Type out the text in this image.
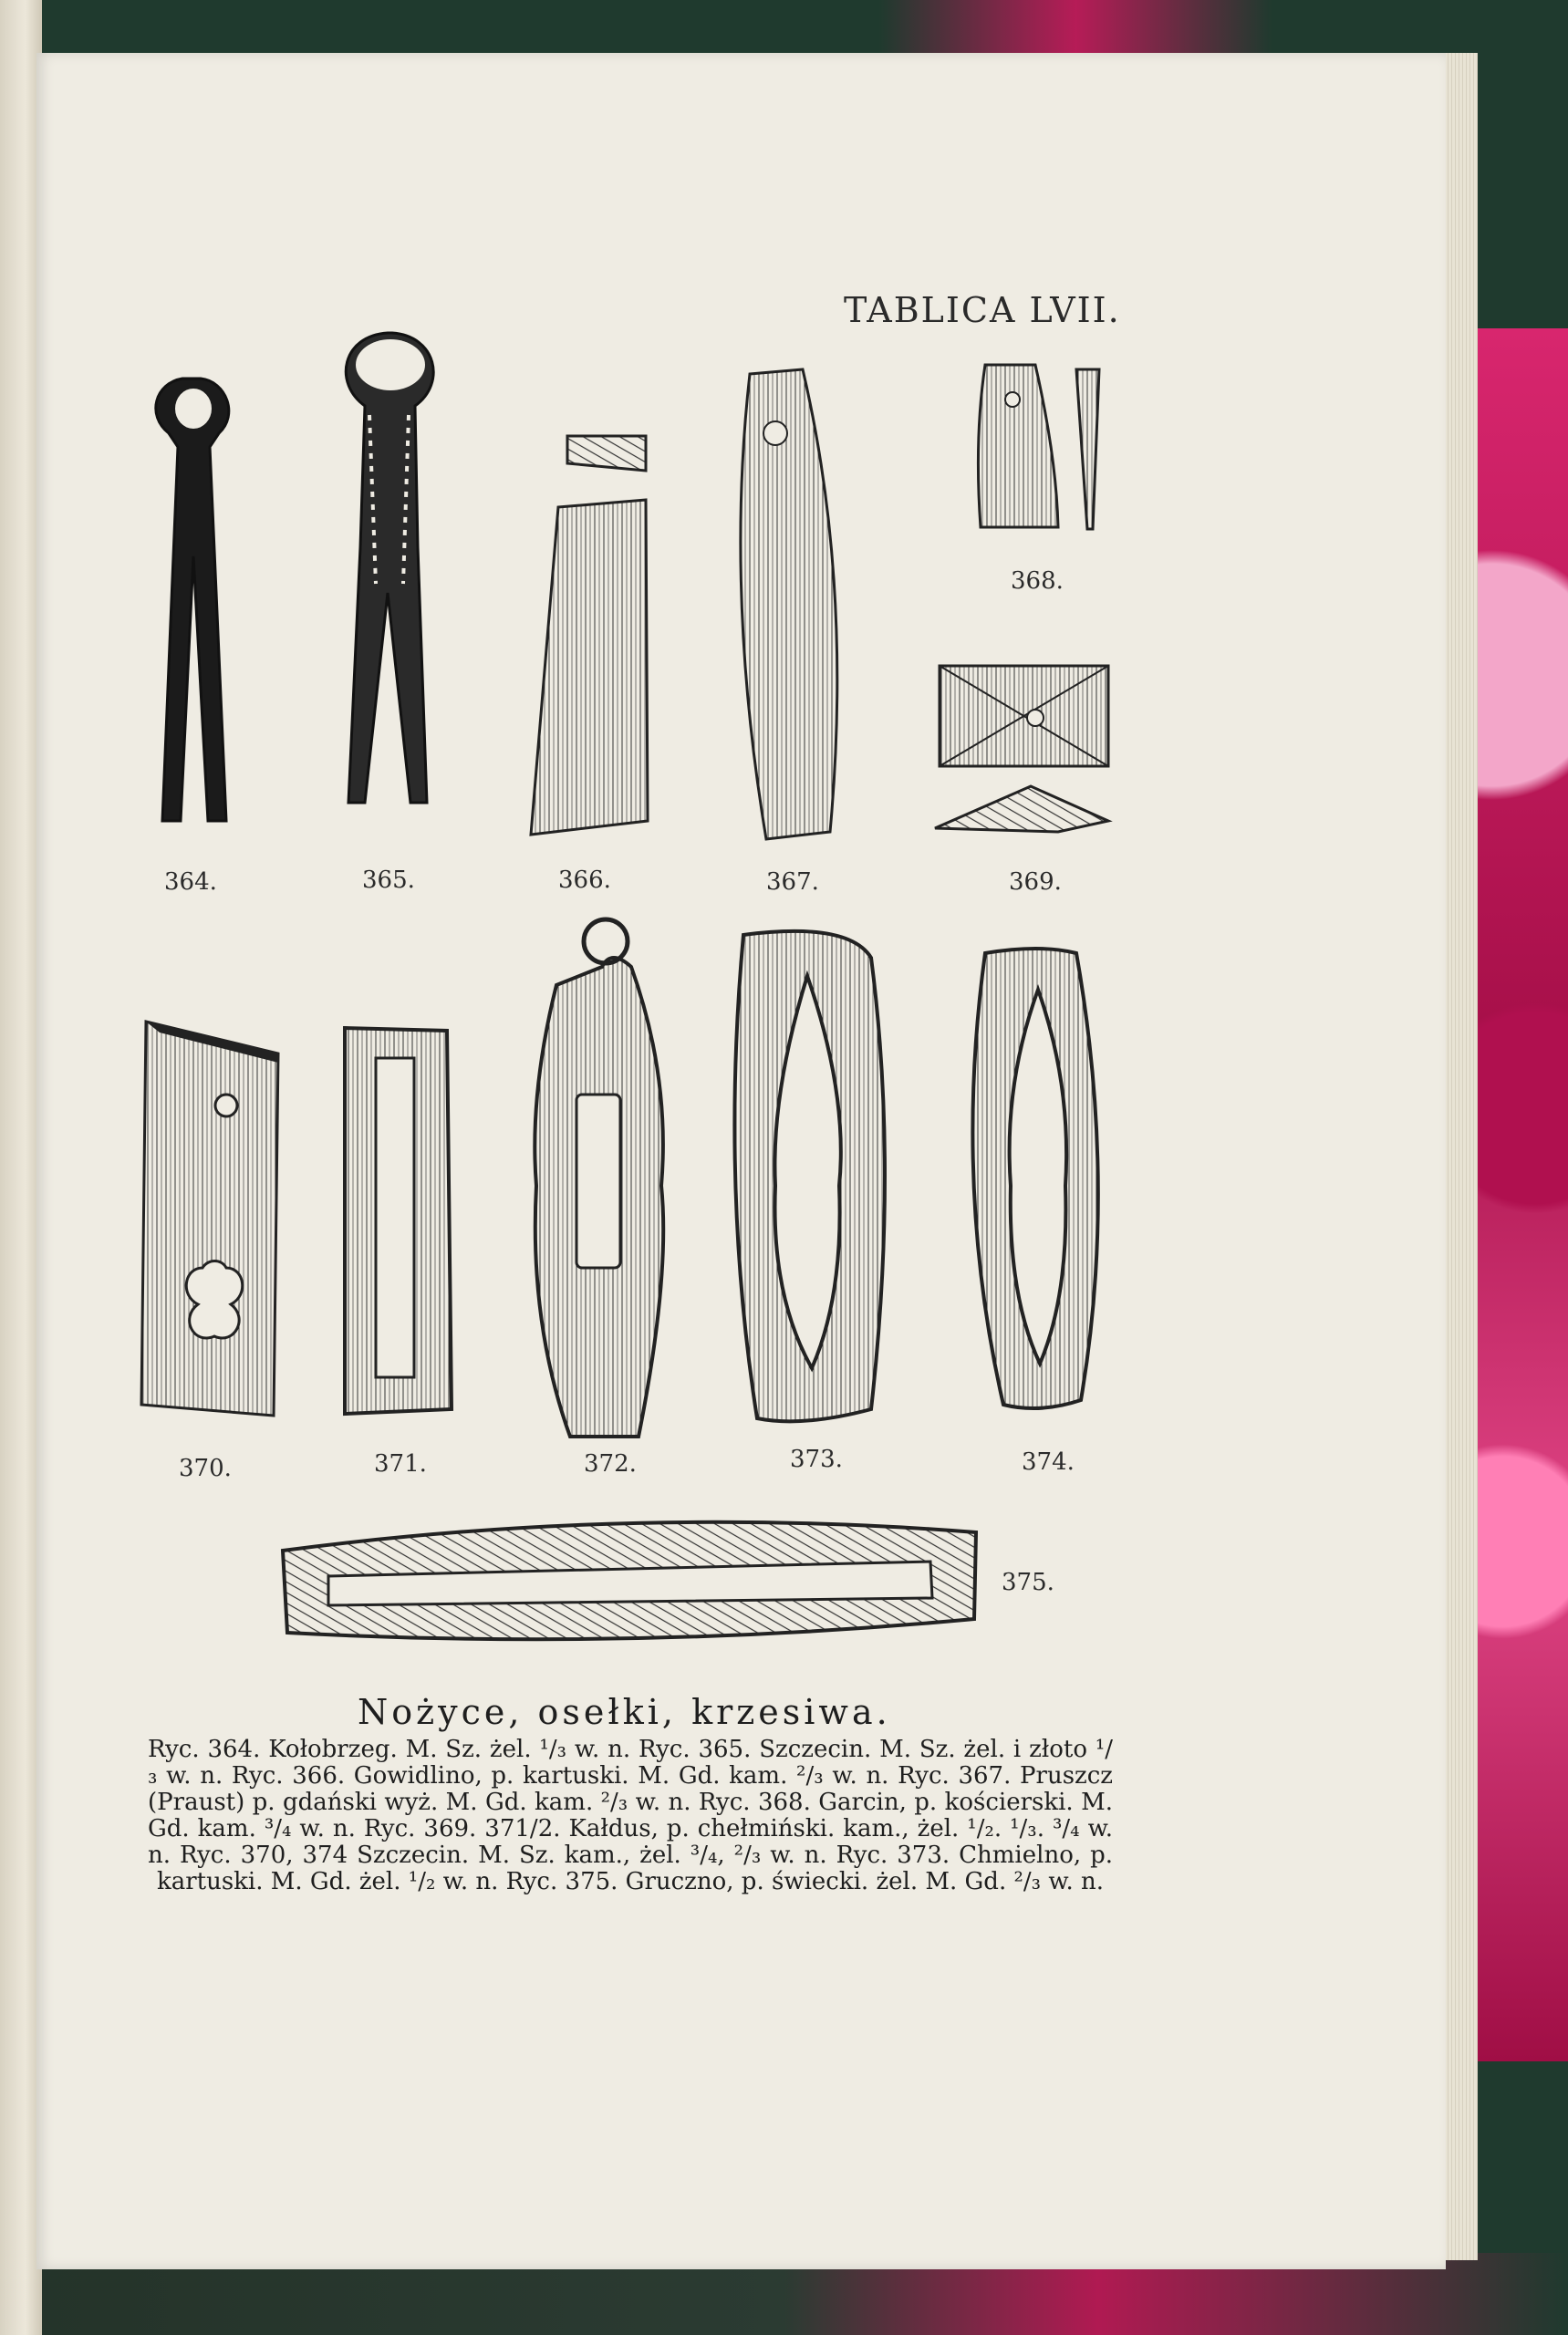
TABLICA LVII.
364.	365.	366.	367.
368.
369.
370.	371.	372.	373.	374.
375.
Nożyce, osełki, krzesiwa.
Ryc. 364. Kołobrzeg. M. Sz. żel. ¹/₃ w. n. Ryc. 365. Szczecin. M. Sz. żel. i złoto ¹/₃ w. n. Ryc. 366. Gowidlino, p. kartuski. M. Gd. kam. ²/₃ w. n. Ryc. 367. Pruszcz (Praust) p. gdański wyż. M. Gd. kam. ²/₃ w. n. Ryc. 368. Garcin, p. kościerski. M. Gd. kam. ³/₄ w. n. Ryc. 369. 371/2. Kałdus, p. chełmiński. kam., żel. ¹/₂. ¹/₃. ³/₄ w. n. Ryc. 370, 374 Szczecin. M. Sz. kam., żel. ³/₄, ²/₃ w. n. Ryc. 373. Chmielno, p. kartuski. M. Gd. żel. ¹/₂ w. n. Ryc. 375. Gruczno, p. świecki. żel. M. Gd. ²/₃ w. n.
